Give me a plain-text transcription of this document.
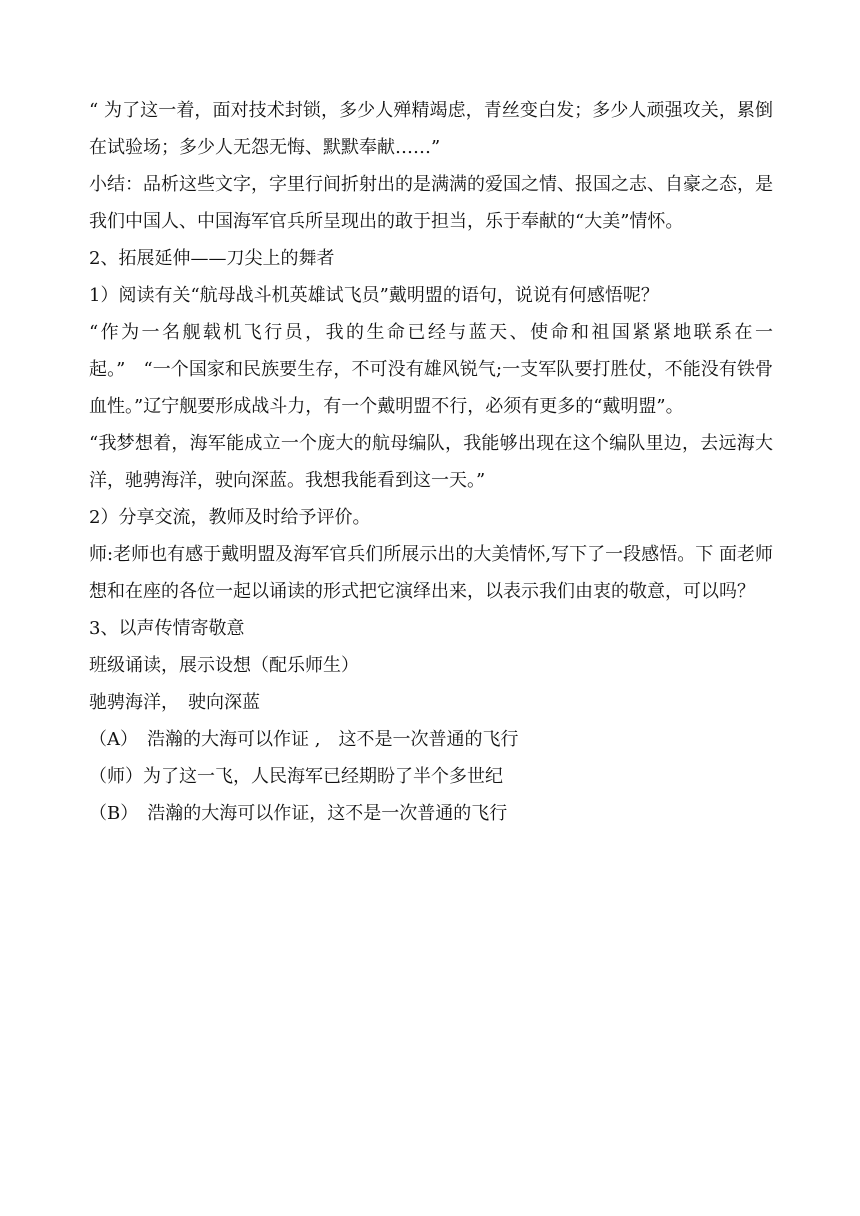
“ 为了这一着，面对技术封锁，多少人殚精竭虑，青丝变白发；多少人顽强攻关，累倒在试验场；多少人无怨无悔、默默奉献……”

小结：品析这些文字，字里行间折射出的是满满的爱国之情、报国之志、自豪之态，是我们中国人、中国海军官兵所呈现出的敢于担当，乐于奉献的“大美”情怀。

2、拓展延伸——刀尖上的舞者

1）阅读有关“航母战斗机英雄试飞员”戴明盟的语句，说说有何感悟呢？

“作为一名舰载机飞行员，我的生命已经与蓝天、使命和祖国紧紧地联系在一起。”　“一个国家和民族要生存，不可没有雄风锐气;一支军队要打胜仗，不能没有铁骨血性。”辽宁舰要形成战斗力，有一个戴明盟不行，必须有更多的“戴明盟”。

“我梦想着，海军能成立一个庞大的航母编队，我能够出现在这个编队里边，去远海大洋，驰骋海洋，驶向深蓝。我想我能看到这一天。”

2）分享交流，教师及时给予评价。

师:老师也有感于戴明盟及海军官兵们所展示出的大美情怀,写下了一段感悟。下 面老师想和在座的各位一起以诵读的形式把它演绎出来，以表示我们由衷的敬意，可以吗？

3、以声传情寄敬意

班级诵读，展示设想（配乐师生）

驰骋海洋，　驶向深蓝

（A）　浩瀚的大海可以作证 ,　这不是一次普通的飞行

（师）为了这一飞，人民海军已经期盼了半个多世纪

（B）　浩瀚的大海可以作证，这不是一次普通的飞行
